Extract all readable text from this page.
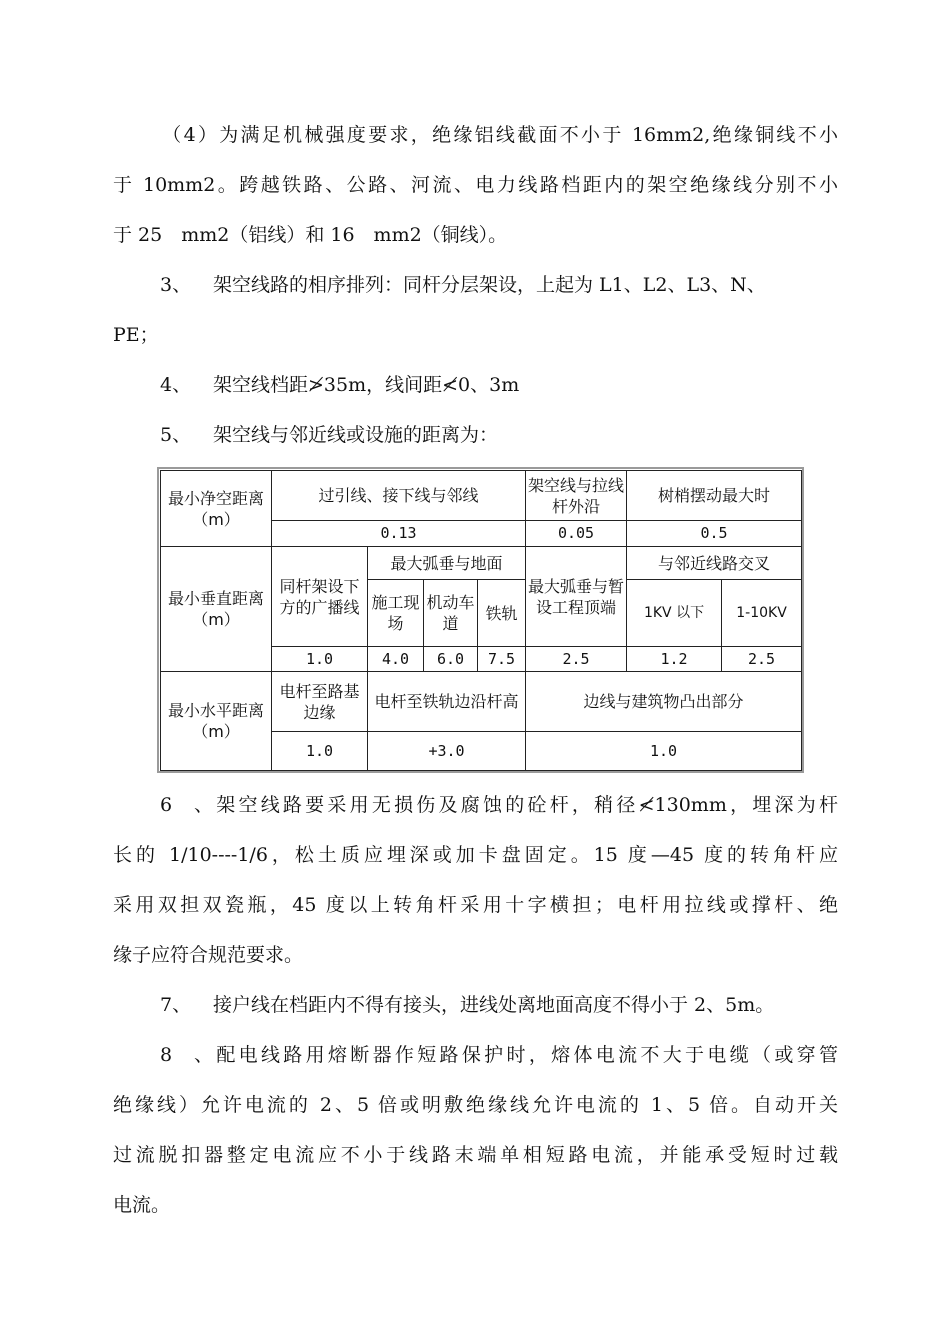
（4）为满足机械强度要求，绝缘铝线截面不小于 16mm2,绝缘铜线不小
于 10mm2。跨越铁路、公路、河流、电力线路档距内的架空绝缘线分别不小
于 25　mm2（铝线）和 16　mm2（铜线）。
3、 架空线路的相序排列：同杆分层架设，上起为 L1、L2、L3、N、
PE；
4、 架空线档距≯35m，线间距≮0、3m
5、 架空线与邻近线或设施的距离为：
最小净空距离（m）	过引线、接下线与邻线				架空线与拉线杆外沿	树梢摆动最大时	
	0.13				0.05	0.5	
最小垂直距离（m）	同杆架设下方的广播线	最大弧垂与地面			最大弧垂与暂设工程顶端	与邻近线路交叉	
		施工现场	机动车道	铁轨		1KV 以下	1-10KV
	1.0	4.0	6.0	7.5	2.5	1.2	2.5
最小水平距离（m）	电杆至路基边缘	电杆至铁轨边沿杆高			边线与建筑物凸出部分		
	1.0	+3.0			1.0		
6、架空线路要采用无损伤及腐蚀的砼杆，稍径≮130mm，埋深为杆
长的 1/10----1/6，松土质应埋深或加卡盘固定。15 度—45 度的转角杆应
采用双担双瓷瓶，45 度以上转角杆采用十字横担；电杆用拉线或撑杆、绝
缘子应符合规范要求。
7、 接户线在档距内不得有接头，进线处离地面高度不得小于 2、5m。
8、配电线路用熔断器作短路保护时，熔体电流不大于电缆（或穿管
绝缘线）允许电流的 2、5 倍或明敷绝缘线允许电流的 1、5 倍。自动开关
过流脱扣器整定电流应不小于线路末端单相短路电流，并能承受短时过载
电流。
